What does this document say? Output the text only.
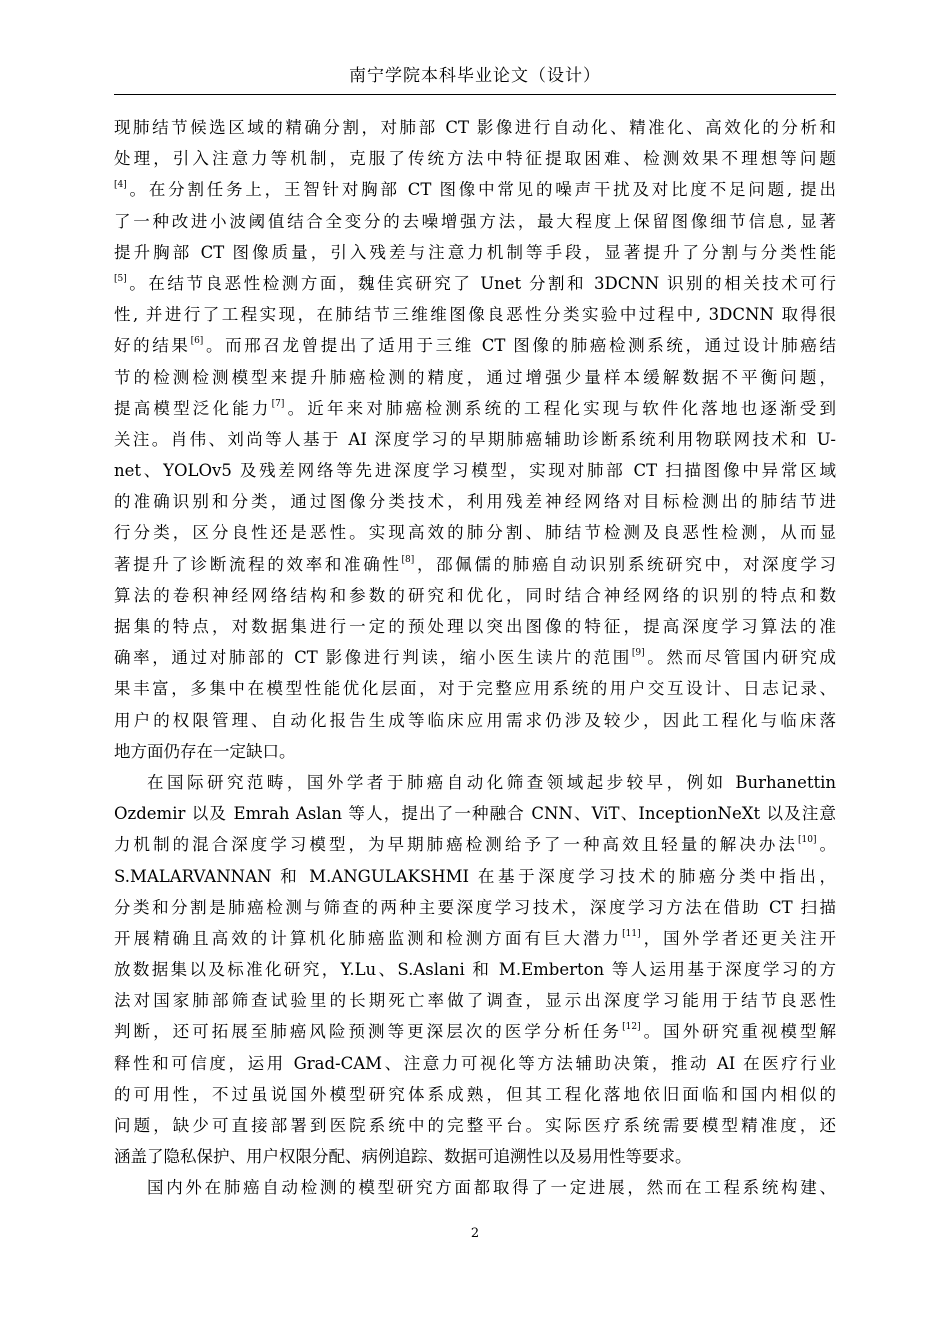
南宁学院本科毕业论文（设计）
现肺结节候选区域的精确分割，对肺部 CT 影像进行自动化、精准化、高效化的分析和
处理，引入注意力等机制，克服了传统方法中特征提取困难、检测效果不理想等问题
[4]。在分割任务上，王智针对胸部 CT 图像中常见的噪声干扰及对比度不足问题, 提出
了一种改进小波阈值结合全变分的去噪增强方法，最大程度上保留图像细节信息, 显著
提升胸部 CT 图像质量，引入残差与注意力机制等手段，显著提升了分割与分类性能
[5]。在结节良恶性检测方面，魏佳宾研究了 Unet 分割和 3DCNN 识别的相关技术可行
性, 并进行了工程实现，在肺结节三维维图像良恶性分类实验中过程中, 3DCNN 取得很
好的结果[6]。而邢召龙曾提出了适用于三维 CT 图像的肺癌检测系统，通过设计肺癌结
节的检测检测模型来提升肺癌检测的精度，通过增强少量样本缓解数据不平衡问题，
提高模型泛化能力[7]。近年来对肺癌检测系统的工程化实现与软件化落地也逐渐受到
关注。肖伟、刘尚等人基于 AI 深度学习的早期肺癌辅助诊断系统利用物联网技术和 U-
net、YOLOv5 及残差网络等先进深度学习模型，实现对肺部 CT 扫描图像中异常区域
的准确识别和分类，通过图像分类技术，利用残差神经网络对目标检测出的肺结节进
行分类，区分良性还是恶性。实现高效的肺分割、肺结节检测及良恶性检测，从而显
著提升了诊断流程的效率和准确性[8]，邵佩儒的肺癌自动识别系统研究中，对深度学习
算法的卷积神经网络结构和参数的研究和优化，同时结合神经网络的识别的特点和数
据集的特点，对数据集进行一定的预处理以突出图像的特征，提高深度学习算法的准
确率，通过对肺部的 CT 影像进行判读，缩小医生读片的范围[9]。然而尽管国内研究成
果丰富，多集中在模型性能优化层面，对于完整应用系统的用户交互设计、日志记录、
用户的权限管理、自动化报告生成等临床应用需求仍涉及较少，因此工程化与临床落
地方面仍存在一定缺口。
在国际研究范畴，国外学者于肺癌自动化筛查领域起步较早，例如 Burhanettin
Ozdemir 以及 Emrah Aslan 等人，提出了一种融合 CNN、ViT、InceptionNeXt 以及注意
力机制的混合深度学习模型，为早期肺癌检测给予了一种高效且轻量的解决办法[10]。
S.MALARVANNAN 和 M.ANGULAKSHMI 在基于深度学习技术的肺癌分类中指出，
分类和分割是肺癌检测与筛查的两种主要深度学习技术，深度学习方法在借助 CT 扫描
开展精确且高效的计算机化肺癌监测和检测方面有巨大潜力[11]，国外学者还更关注开
放数据集以及标准化研究，Y.Lu、S.Aslani 和 M.Emberton 等人运用基于深度学习的方
法对国家肺部筛查试验里的长期死亡率做了调查，显示出深度学习能用于结节良恶性
判断，还可拓展至肺癌风险预测等更深层次的医学分析任务[12]。国外研究重视模型解
释性和可信度，运用 Grad-CAM、注意力可视化等方法辅助决策，推动 AI 在医疗行业
的可用性，不过虽说国外模型研究体系成熟，但其工程化落地依旧面临和国内相似的
问题，缺少可直接部署到医院系统中的完整平台。实际医疗系统需要模型精准度，还
涵盖了隐私保护、用户权限分配、病例追踪、数据可追溯性以及易用性等要求。
国内外在肺癌自动检测的模型研究方面都取得了一定进展，然而在工程系统构建、
2
